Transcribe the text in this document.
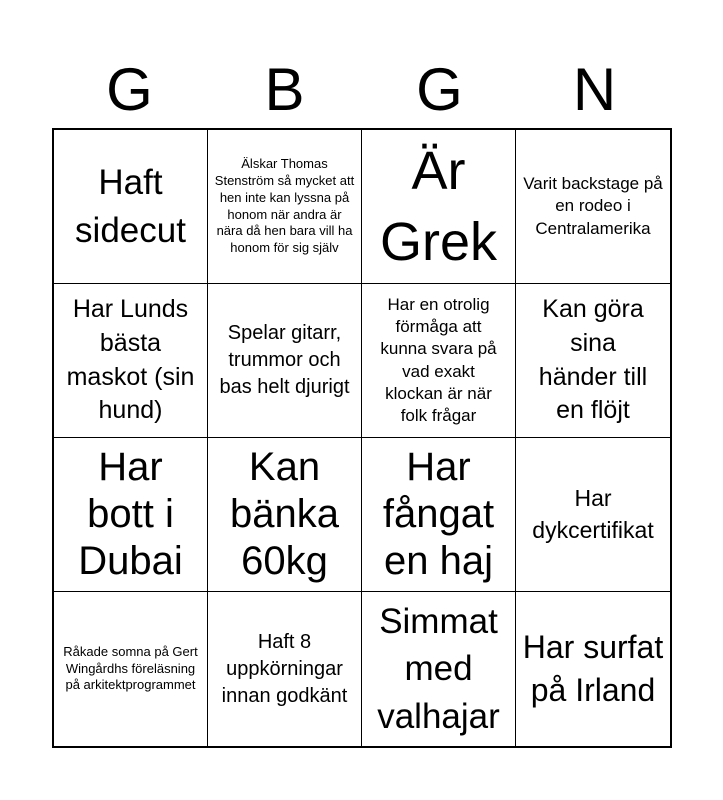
G	B	G	N
Haft sidecut
Älskar Thomas Stenström så mycket att hen inte kan lyssna på honom när andra är nära då hen bara vill ha honom för sig själv
Är Grek
Varit backstage på en rodeo i Centralamerika
Har Lunds bästa maskot (sin hund)
Spelar gitarr, trummor och bas helt djurigt
Har en otrolig förmåga att kunna svara på vad exakt klockan är när folk frågar
Kan göra sina händer till en flöjt
Har bott i Dubai
Kan bänka 60kg
Har fångat en haj
Har dykcertifikat
Råkade somna på Gert Wingårdhs föreläsning på arkitektprogrammet
Haft 8 uppkörningar innan godkänt
Simmat med valhajar
Har surfat på Irland
